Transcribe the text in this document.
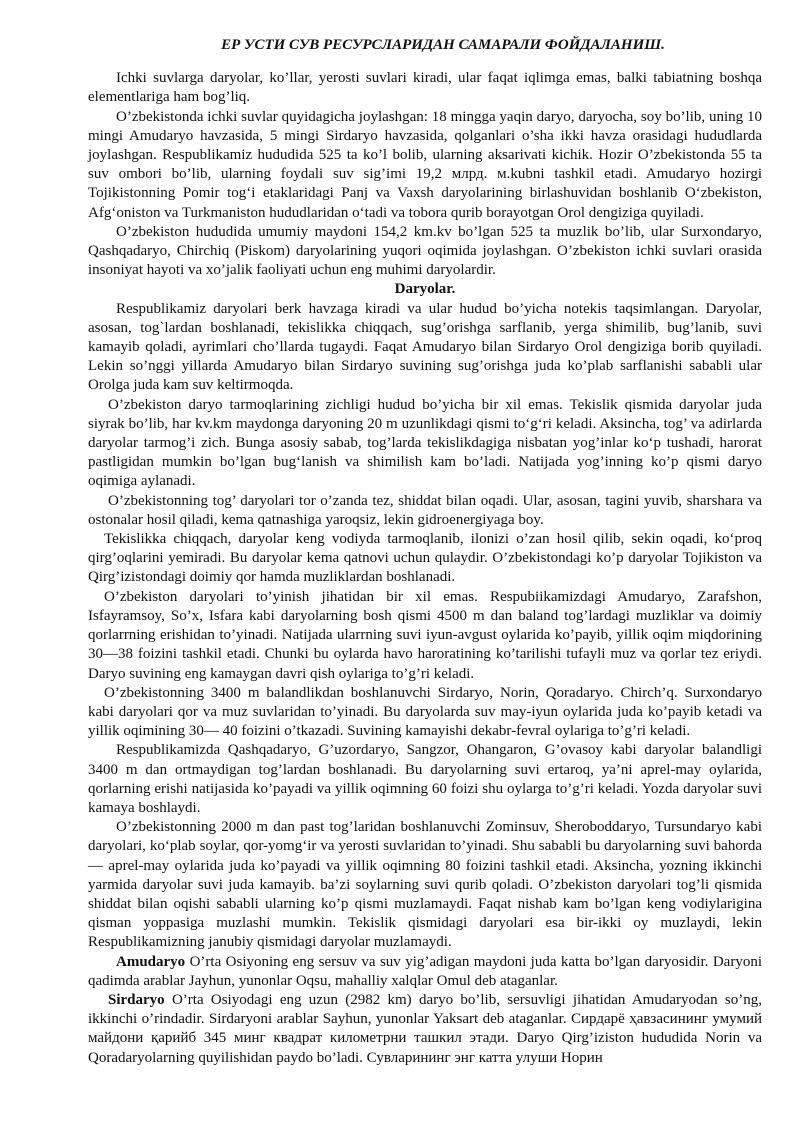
ЕР УСТИ СУВ РЕСУРСЛАРИДАН САМАРАЛИ ФОЙДАЛАНИШ.

Ichki suvlarga daryolar, ko’llar, yerosti suvlari kiradi, ular faqat iqlimga emas, balki tabiatning boshqa elementlariga ham bog’liq.

O’zbekistonda ichki suvlar quyidagicha joylashgan: 18 mingga yaqin daryo, daryocha, soy bo’lib, uning 10 mingi Amudaryo havzasida, 5 mingi Sirdaryo havzasida, qolganlari o’sha ikki havza orasidagi hududlarda joylashgan. Respublikamiz hududida 525 ta ko’l bolib, ularning aksarivati kichik. Hozir O’zbekistonda 55 ta suv ombori bo’lib, ularning foydali suv sig’imi 19,2 млрд. м.kubni tashkil etadi. Amudaryo hozirgi Tojikistonning Pomir tog‘i etaklaridagi Panj va Vaxsh daryolarining birlashuvidan boshlanib O‘zbekiston, Afg‘oniston va Turkmaniston hududlaridan o‘tadi va tobora qurib borayotgan Orol dengiziga quyiladi.

O’zbekiston hududida umumiy maydoni 154,2 km.kv bo’lgan 525 ta muzlik bo’lib, ular Surxondaryo, Qashqadaryo, Chirchiq (Piskom) daryolarining yuqori oqimida joylashgan. O’zbekiston ichki suvlari orasida insoniyat hayoti va xo’jalik faoliyati uchun eng muhimi daryolardir.

Daryolar.

Respublikamiz daryolari berk havzaga kiradi va ular hudud bo’yicha notekis taqsimlangan. Daryolar, asosan, tog`lardan boshlanadi, tekislikka chiqqach, sug’orishga sarflanib, yerga shimilib, bug’lanib, suvi kamayib qoladi, ayrimlari cho’llarda tugaydi. Faqat Amudaryo bilan Sirdaryo Orol dengiziga borib quyiladi. Lekin so’nggi yillarda Amudaryo bilan Sirdaryo suvining sug’orishga juda ko’plab sarflanishi sababli ular Orolga juda kam suv keltirmoqda.

O’zbekiston daryo tarmoqlarining zichligi hudud bo’yicha bir xil emas. Tekislik qismida daryolar juda siyrak bo’lib, har kv.km maydonga daryoning 20 m uzunlikdagi qismi to‘g‘ri keladi. Aksincha, tog’ va adirlarda daryolar tarmog’i zich. Bunga asosiy sabab, tog’larda tekislikdagiga nisbatan yog’inlar ko‘p tushadi, harorat pastligidan mumkin bo’lgan bug‘lanish va shimilish kam bo’ladi. Natijada yog’inning ko’p qismi daryo oqimiga aylanadi.

O’zbekistonning tog’ daryolari tor o’zanda tez, shiddat bilan oqadi. Ular, asosan, tagini yuvib, sharshara va ostonalar hosil qiladi, kema qatnashiga yaroqsiz, lekin gidroenergiyaga boy.

Tekislikka chiqqach, daryolar keng vodiyda tarmoqlanib, ilonizi o’zan hosil qilib, sekin oqadi, ko‘proq qirg’oqlarini yemiradi. Bu daryolar kema qatnovi uchun qulaydir. O’zbekistondagi ko’p daryolar Tojikiston va Qirg’izistondagi doimiy qor hamda muzliklardan boshlanadi.

O’zbekiston daryolari to’yinish jihatidan bir xil emas. Respubiikamizdagi Amudaryo, Zarafshon, Isfayramsoy, So’x, Isfara kabi daryolarning bosh qismi 4500 m dan baland tog’lardagi muzliklar va doimiy qorlarrning erishidan to’yinadi. Natijada ularrning suvi iyun-avgust oylarida ko’payib, yillik oqim miqdorining 30—38 foizini tashkil etadi. Chunki bu oylarda havo haroratining ko’tarilishi tufayli muz va qorlar tez eriydi. Daryo suvining eng kamaygan davri qish oylariga to’g’ri keladi.

O’zbekistonning 3400 m balandlikdan boshlanuvchi Sirdaryo, Norin, Qoradaryo. Chirch’q. Surxondaryo kabi daryolari qor va muz suvlaridan to’yinadi. Bu daryolarda suv may-iyun oylarida juda ko’payib ketadi va yillik oqimining 30— 40 foizini o’tkazadi. Suvining kamayishi dekabr-fevral oylariga to’g’ri keladi.

Respublikamizda Qashqadaryo, G’uzordaryo, Sangzor, Ohangaron, G’ovasoy kabi daryolar balandligi 3400 m dan ortmaydigan tog’lardan boshlanadi. Bu daryolarning suvi ertaroq, ya’ni aprel-may oylarida, qorlarning erishi natijasida ko’payadi va yillik oqimning 60 foizi shu oylarga to’g’ri keladi. Yozda daryolar suvi kamaya boshlaydi.

O’zbekistonning 2000 m dan past tog’laridan boshlanuvchi Zominsuv, Sheroboddaryo, Tursundaryo kabi daryolari, ko‘plab soylar, qor-yomg‘ir va yerosti suvlaridan to’yinadi. Shu sababli bu daryolarning suvi bahorda — aprel-may oylarida juda ko’payadi va yillik oqimning 80 foizini tashkil etadi. Aksincha, yozning ikkinchi yarmida daryolar suvi juda kamayib. ba’zi soylarning suvi qurib qoladi. O’zbekiston daryolari tog’li qismida shiddat bilan oqishi sababli ularning ko’p qismi muzlamaydi. Faqat nishab kam bo’lgan keng vodiylarigina qisman yoppasiga muzlashi mumkin. Tekislik qismidagi daryolari esa bir-ikki oy muzlaydi, lekin Respublikamizning janubiy qismidagi daryolar muzlamaydi.

Amudaryo O’rta Osiyoning eng sersuv va suv yig’adigan maydoni juda katta bo’lgan daryosidir. Daryoni qadimda arablar Jayhun, yunonlar Oqsu, mahalliy xalqlar Omul deb ataganlar.

Sirdaryo O’rta Osiyodagi eng uzun (2982 km) daryo bo’lib, sersuvligi jihatidan Amudaryodan so’ng, ikkinchi o’rindadir. Sirdaryoni arablar Sayhun, yunonlar Yaksart deb ataganlar. Сирдарё ҳавзасининг умумий майдони қарийб 345 минг квадрат километрни ташкил этади. Daryo Qirg’iziston hududida Norin va Qoradaryolarning quyilishidan paydo bo’ladi. Сувларининг энг катта улуши Норин
